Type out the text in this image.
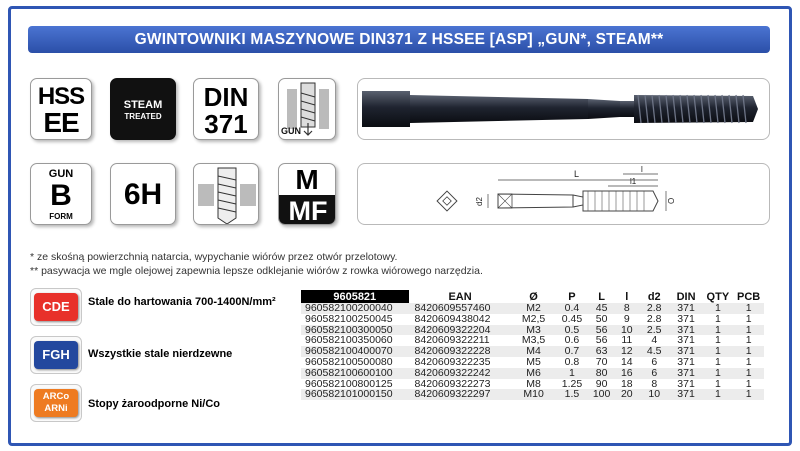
GWINTOWNIKI MASZYNOWE DIN371 Z HSSEE [ASP] „GUN*, STEAM**
HSS
EE
STEAM
TREATED
DIN
371	GUN
GUN
B
FORM
6H	M
MF
L
l1
l
d2	O
* ze skośną powierzchnią natarcia, wypychanie wiórów przez otwór przelotowy.
** pasywacja we mgle olejowej zapewnia lepsze odklejanie wiórów z rowka wiórowego narzędzia.
CDE	Stale do hartowania 700-1400N/mm²
FGH	Wszystkie stale nierdzewne
ARCo
ARNi	Stopy żaroodporne Ni/Co
9605821	EAN	Ø	P	L	l	d2	DIN	QTY	PCB
960582100200040	8420609557460	M2	0.4	45	8	2.8	371	1	1
960582100250045	8420609438042	M2,5	0.45	50	9	2.8	371	1	1
960582100300050	8420609322204	M3	0.5	56	10	2.5	371	1	1
960582100350060	8420609322211	M3,5	0.6	56	11	4	371	1	1
960582100400070	8420609322228	M4	0.7	63	12	4.5	371	1	1
960582100500080	8420609322235	M5	0.8	70	14	6	371	1	1
960582100600100	8420609322242	M6	1	80	16	6	371	1	1
960582100800125	8420609322273	M8	1.25	90	18	8	371	1	1
960582101000150	8420609322297	M10	1.5	100	20	10	371	1	1
